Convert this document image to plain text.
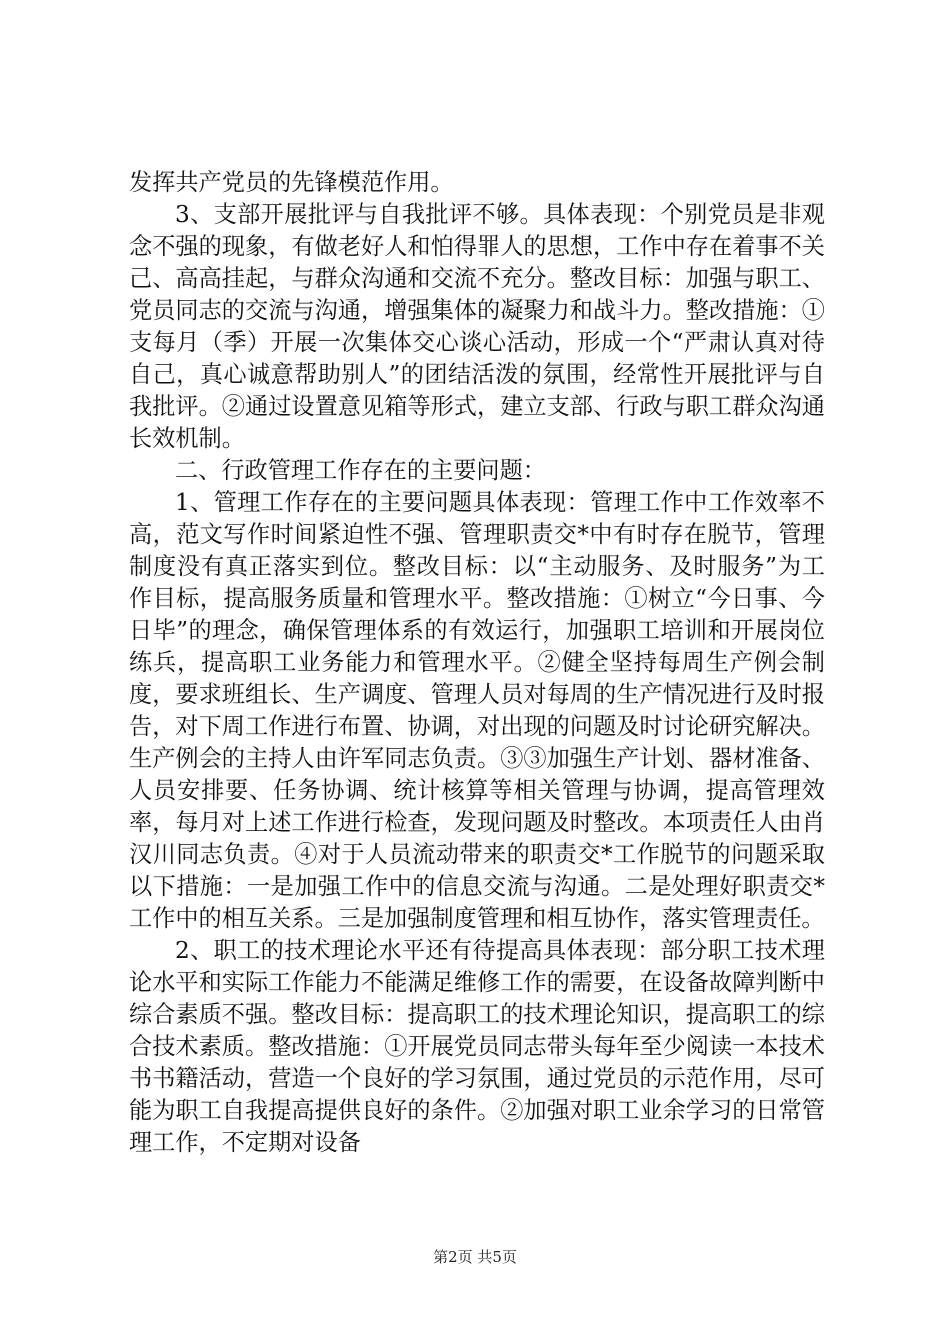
发挥共产党员的先锋模范作用。

3、支部开展批评与自我批评不够。具体表现：个别党员是非观念不强的现象，有做老好人和怕得罪人的思想，工作中存在着事不关己、高高挂起，与群众沟通和交流不充分。整改目标：加强与职工、党员同志的交流与沟通，增强集体的凝聚力和战斗力。整改措施：①支每月（季）开展一次集体交心谈心活动，形成一个“严肃认真对待自己，真心诚意帮助别人”的团结活泼的氛围，经常性开展批评与自我批评。②通过设置意见箱等形式，建立支部、行政与职工群众沟通长效机制。

二、行政管理工作存在的主要问题：

1、管理工作存在的主要问题具体表现：管理工作中工作效率不高，范文写作时间紧迫性不强、管理职责交*中有时存在脱节，管理制度没有真正落实到位。整改目标：以“主动服务、及时服务”为工作目标，提高服务质量和管理水平。整改措施：①树立“今日事、今日毕”的理念，确保管理体系的有效运行，加强职工培训和开展岗位练兵，提高职工业务能力和管理水平。②健全坚持每周生产例会制度，要求班组长、生产调度、管理人员对每周的生产情况进行及时报告，对下周工作进行布置、协调，对出现的问题及时讨论研究解决。生产例会的主持人由许军同志负责。③③加强生产计划、器材准备、人员安排要、任务协调、统计核算等相关管理与协调，提高管理效率，每月对上述工作进行检查，发现问题及时整改。本项责任人由肖汉川同志负责。④对于人员流动带来的职责交*工作脱节的问题采取以下措施：一是加强工作中的信息交流与沟通。二是处理好职责交*工作中的相互关系。三是加强制度管理和相互协作，落实管理责任。

2、职工的技术理论水平还有待提高具体表现：部分职工技术理论水平和实际工作能力不能满足维修工作的需要，在设备故障判断中综合素质不强。整改目标：提高职工的技术理论知识，提高职工的综合技术素质。整改措施：①开展党员同志带头每年至少阅读一本技术书书籍活动，营造一个良好的学习氛围，通过党员的示范作用，尽可能为职工自我提高提供良好的条件。②加强对职工业余学习的日常管理工作，不定期对设备

第2页 共5页
